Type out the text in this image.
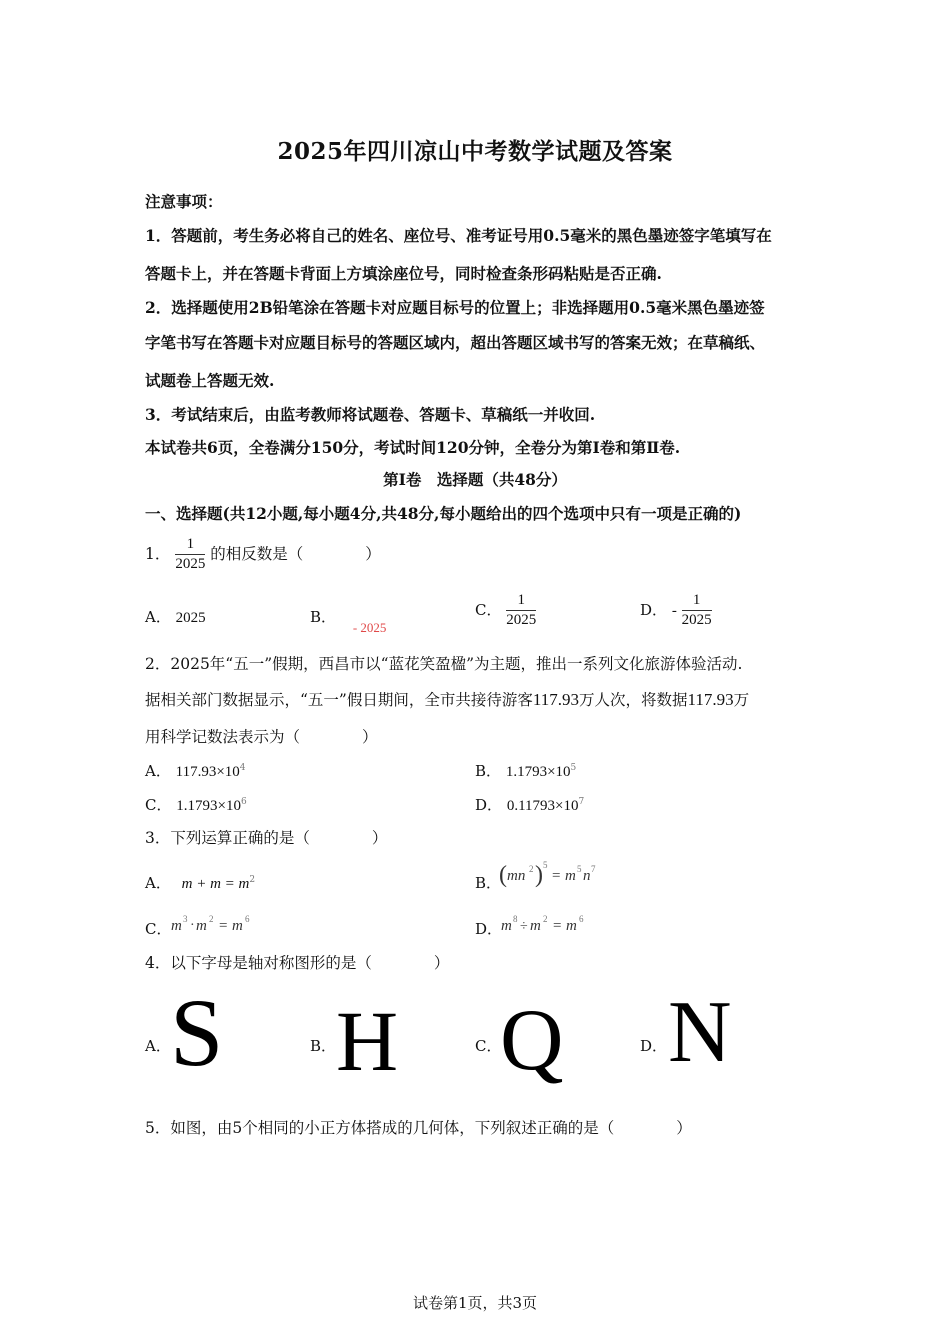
2025年四川凉山中考数学试题及答案
注意事项：
1．答题前，考生务必将自己的姓名、座位号、准考证号用0.5毫米的黑色墨迹签字笔填写在
答题卡上，并在答题卡背面上方填涂座位号，同时检查条形码粘贴是否正确.
2．选择题使用2B铅笔涂在答题卡对应题目标号的位置上；非选择题用0.5毫米黑色墨迹签
字笔书写在答题卡对应题目标号的答题区域内，超出答题区域书写的答案无效；在草稿纸、
试题卷上答题无效.
3．考试结束后，由监考教师将试题卷、答题卡、草稿纸一并收回.
本试卷共6页，全卷满分150分，考试时间120分钟，全卷分为第Ⅰ卷和第Ⅱ卷.
第Ⅰ卷　选择题（共48分）
一、选择题(共12小题,每小题4分,共48分,每小题给出的四个选项中只有一项是正确的)
1． $\frac{1}{2025}$ 的相反数是（　　　　）
A． 2025	B． - 2025
C． $\frac{1}{2025}$	D． - $\frac{1}{2025}$
2．2025年“五一”假期，西昌市以“蓝花笑盈楹”为主题，推出一系列文化旅游体验活动.
据相关部门数据显示，“五一”假日期间，全市共接待游客117.93万人次，将数据117.93万
用科学记数法表示为（　　　　）
A． $117.93\times 10^4$	B． $1.1793\times 10^5$
C． $1.1793\times 10^6$	D． $0.11793\times 10^7$
3．下列运算正确的是（　　　　）
A． $m + m = m^2$	B．
( mn 2 ) 5
= m 5 n 7
C． m 3 · m 2 = m 6
D．
m 8 ÷ m 2 = m 6
4．以下字母是轴对称图形的是（　　　　）
A． S	B． H	C．
Q	D． N
5．如图，由5个相同的小正方体搭成的几何体，下列叙述正确的是（　　　　）
试卷第1页，共3页
